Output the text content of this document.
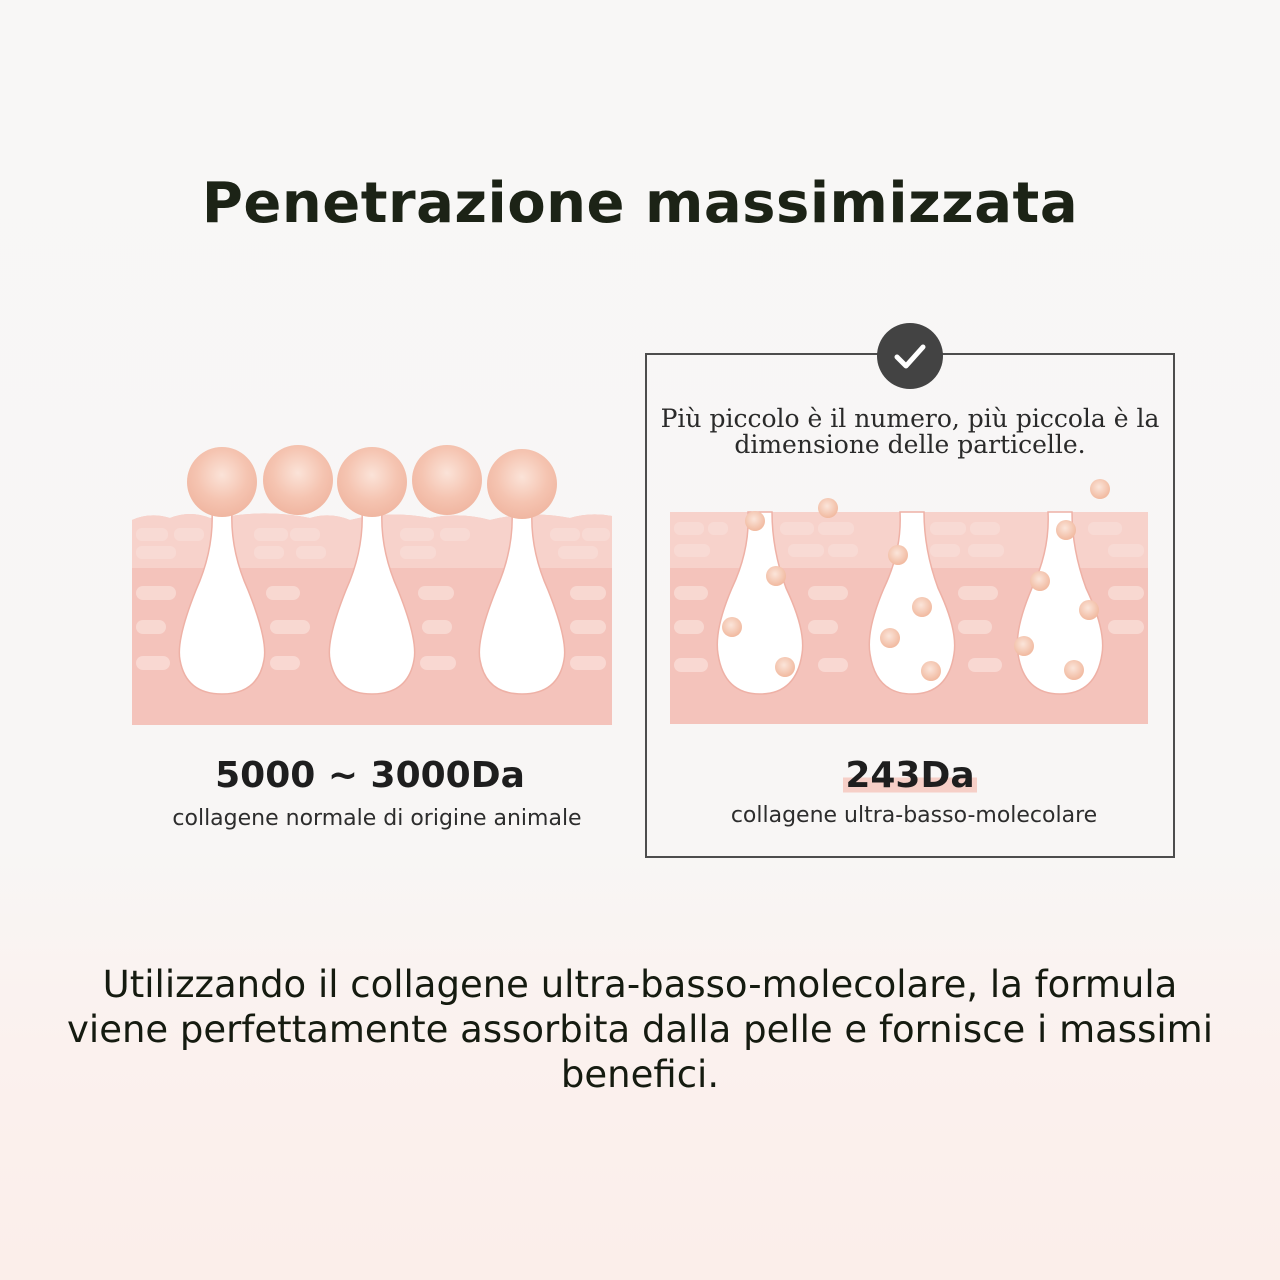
Penetrazione massimizzata
Più piccolo è il numero, più piccola è la dimensione delle particelle.
5000 ~ 3000Da
collagene normale di origine animale
243Da
collagene ultra-basso-molecolare
Utilizzando il collagene ultra-basso-molecolare, la formula viene perfettamente assorbita dalla pelle e fornisce i massimi benefici.
